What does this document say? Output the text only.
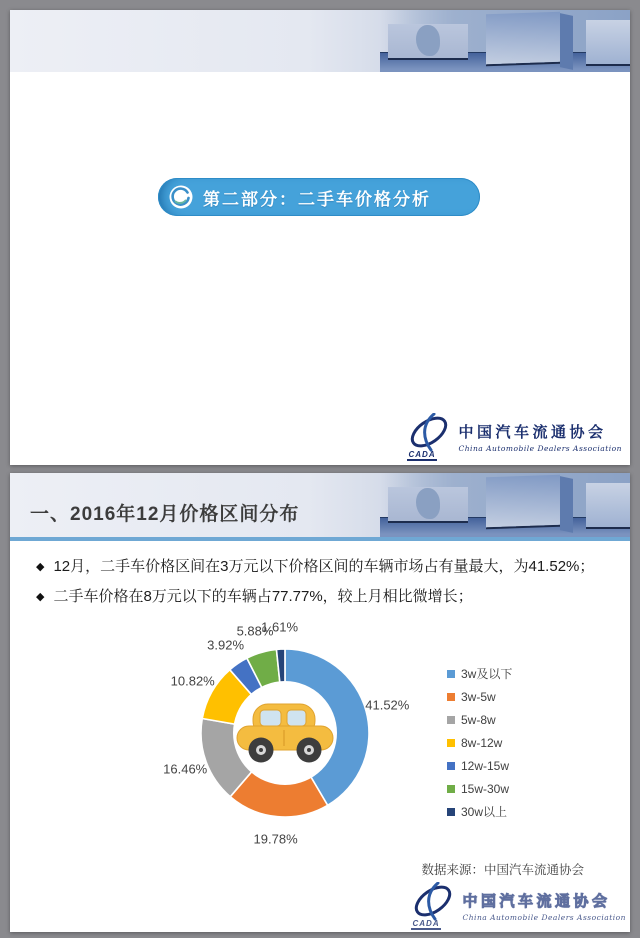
第二部分：二手车价格分析
CADA
中国汽车流通协会
China Automobile Dealers Association
一、2016年12月价格区间分布
◆ 12月，二手车价格区间在3万元以下价格区间的车辆市场占有量最大，为41.52%；
◆ 二手车价格在8万元以下的车辆占77.77%，较上月相比微增长；
41.52%
19.78%
16.46%
10.82%
3.92%
5.88%
1.61%
3w及以下
3w-5w
5w-8w
8w-12w
12w-15w
15w-30w
30w以上
数据来源：中国汽车流通协会
CADA
中国汽车流通协会
China Automobile Dealers Association
